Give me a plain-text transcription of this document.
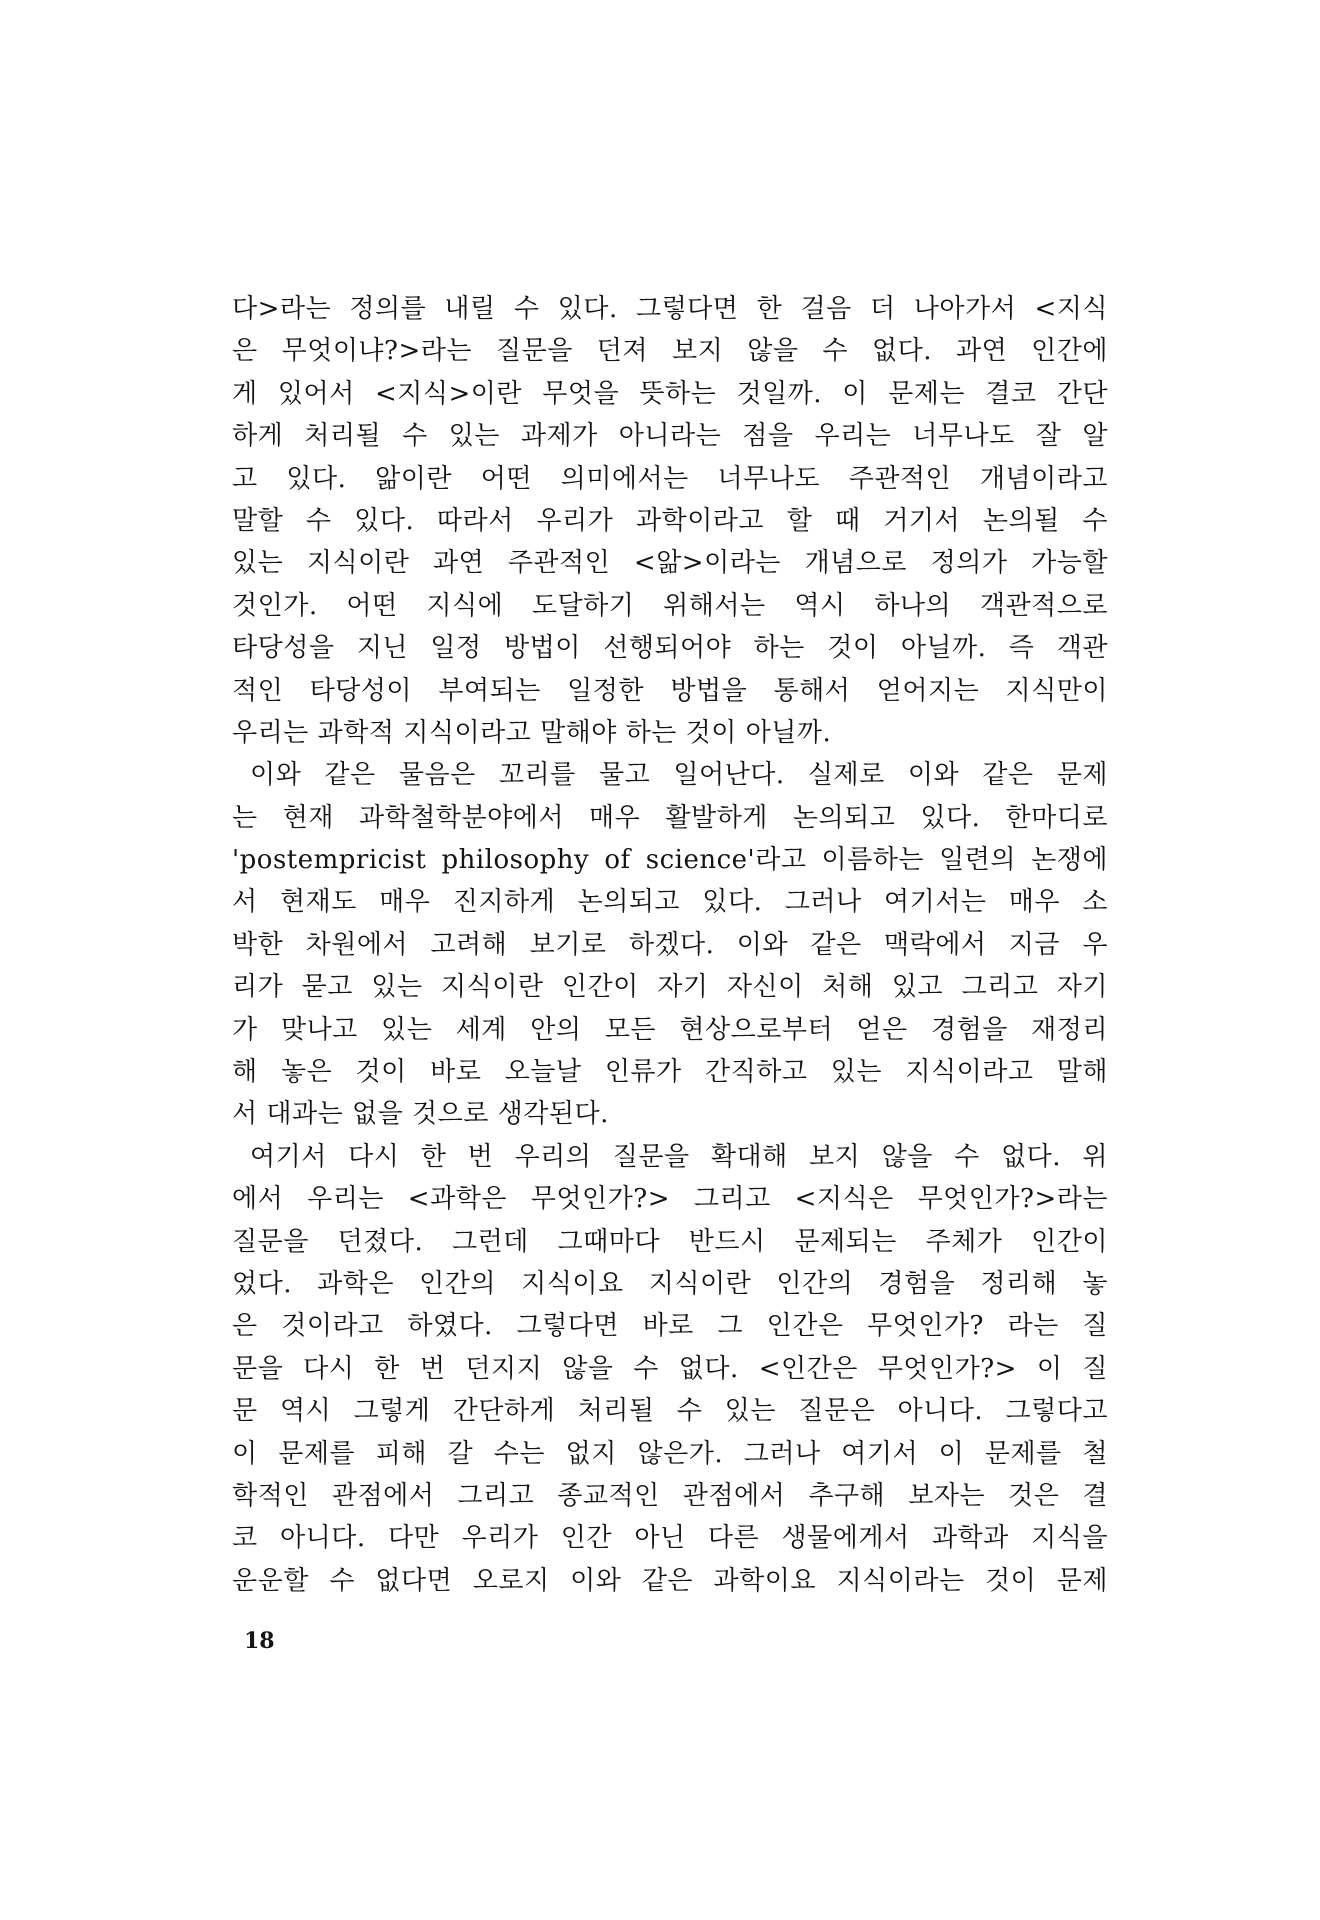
다>라는 정의를 내릴 수 있다. 그렇다면 한 걸음 더 나아가서 <지식
은 무엇이냐?>라는 질문을 던져 보지 않을 수 없다. 과연 인간에
게 있어서 <지식>이란 무엇을 뜻하는 것일까. 이 문제는 결코 간단
하게 처리될 수 있는 과제가 아니라는 점을 우리는 너무나도 잘 알
고 있다. 앎이란 어떤 의미에서는 너무나도 주관적인 개념이라고
말할 수 있다. 따라서 우리가 과학이라고 할 때 거기서 논의될 수
있는 지식이란 과연 주관적인 <앎>이라는 개념으로 정의가 가능할
것인가. 어떤 지식에 도달하기 위해서는 역시 하나의 객관적으로
타당성을 지닌 일정 방법이 선행되어야 하는 것이 아닐까. 즉 객관
적인 타당성이 부여되는 일정한 방법을 통해서 얻어지는 지식만이
우리는 과학적 지식이라고 말해야 하는 것이 아닐까.
이와 같은 물음은 꼬리를 물고 일어난다. 실제로 이와 같은 문제
는 현재 과학철학분야에서 매우 활발하게 논의되고 있다. 한마디로
'postempricist philosophy of science'라고 이름하는 일련의 논쟁에
서 현재도 매우 진지하게 논의되고 있다. 그러나 여기서는 매우 소
박한 차원에서 고려해 보기로 하겠다. 이와 같은 맥락에서 지금 우
리가 묻고 있는 지식이란 인간이 자기 자신이 처해 있고 그리고 자기
가 맞나고 있는 세계 안의 모든 현상으로부터 얻은 경험을 재정리
해 놓은 것이 바로 오늘날 인류가 간직하고 있는 지식이라고 말해
서 대과는 없을 것으로 생각된다.
여기서 다시 한 번 우리의 질문을 확대해 보지 않을 수 없다. 위
에서 우리는 <과학은 무엇인가?> 그리고 <지식은 무엇인가?>라는
질문을 던졌다. 그런데 그때마다 반드시 문제되는 주체가 인간이
었다. 과학은 인간의 지식이요 지식이란 인간의 경험을 정리해 놓
은 것이라고 하였다. 그렇다면 바로 그 인간은 무엇인가? 라는 질
문을 다시 한 번 던지지 않을 수 없다. <인간은 무엇인가?> 이 질
문 역시 그렇게 간단하게 처리될 수 있는 질문은 아니다. 그렇다고
이 문제를 피해 갈 수는 없지 않은가. 그러나 여기서 이 문제를 철
학적인 관점에서 그리고 종교적인 관점에서 추구해 보자는 것은 결
코 아니다. 다만 우리가 인간 아닌 다른 생물에게서 과학과 지식을
운운할 수 없다면 오로지 이와 같은 과학이요 지식이라는 것이 문제
18
